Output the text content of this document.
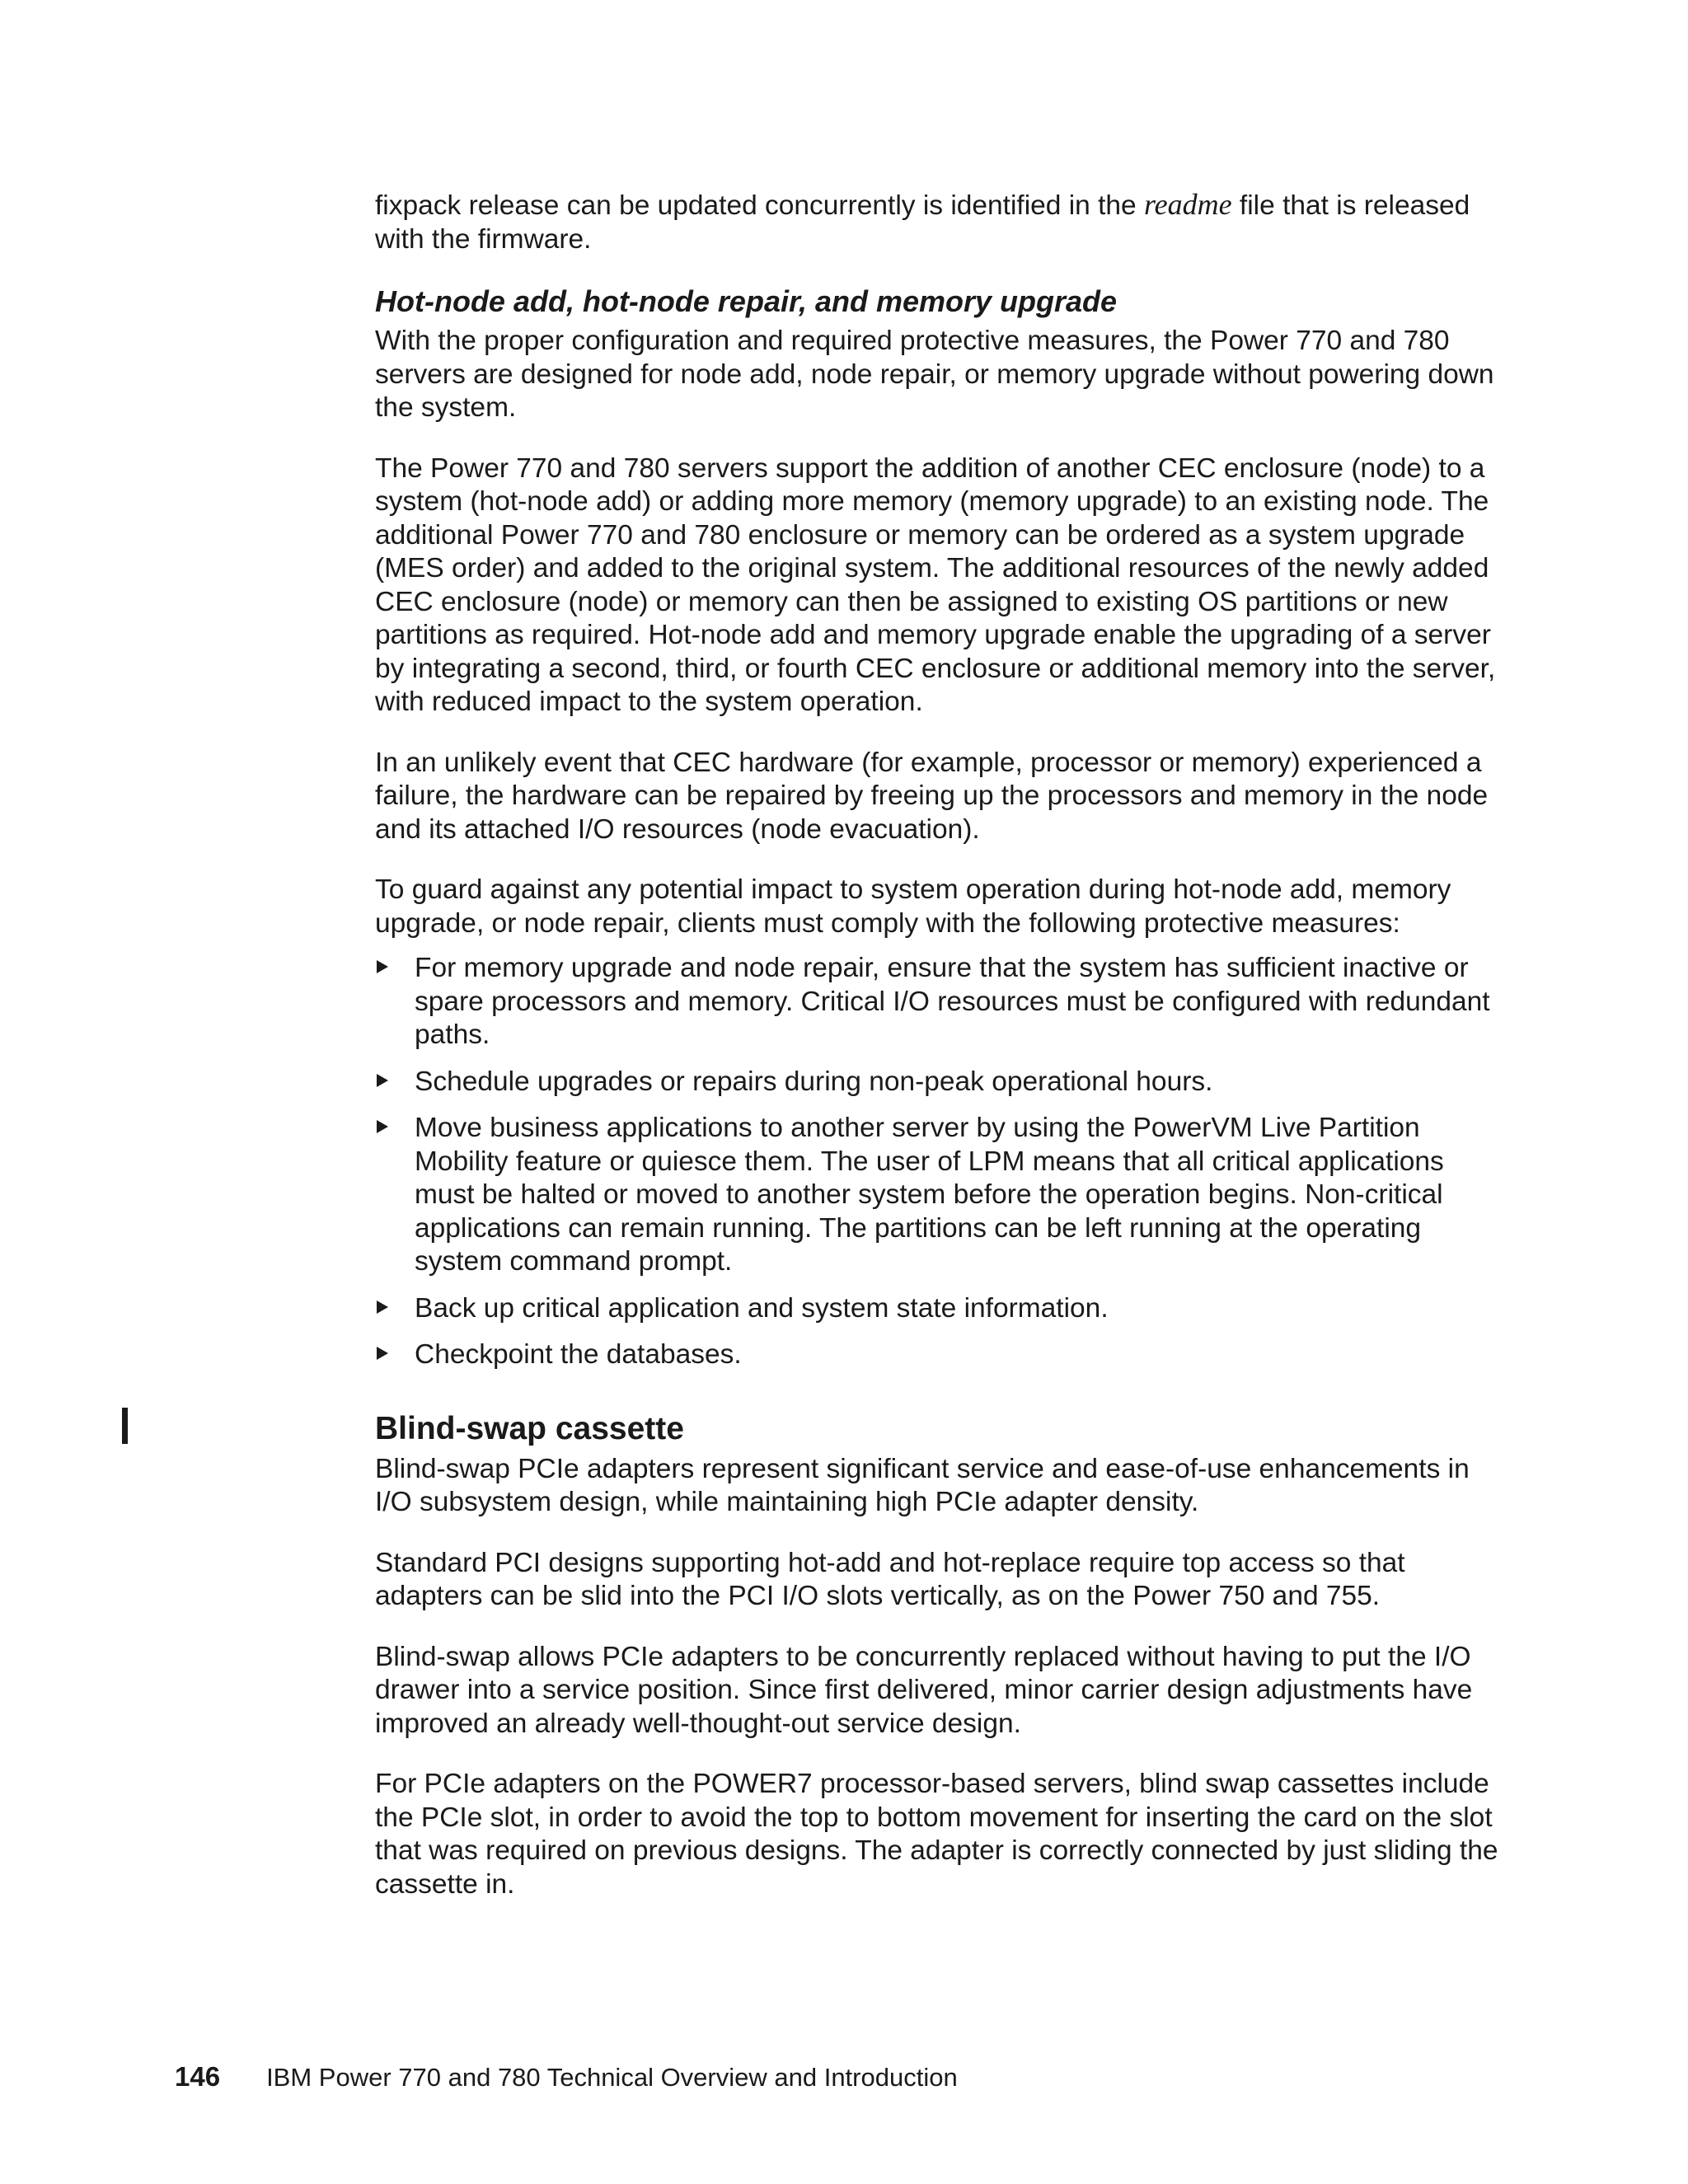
fixpack release can be updated concurrently is identified in the readme file that is released with the firmware.

Hot-node add, hot-node repair, and memory upgrade

With the proper configuration and required protective measures, the Power 770 and 780 servers are designed for node add, node repair, or memory upgrade without powering down the system.

The Power 770 and 780 servers support the addition of another CEC enclosure (node) to a system (hot-node add) or adding more memory (memory upgrade) to an existing node. The additional Power 770 and 780 enclosure or memory can be ordered as a system upgrade (MES order) and added to the original system. The additional resources of the newly added CEC enclosure (node) or memory can then be assigned to existing OS partitions or new partitions as required. Hot-node add and memory upgrade enable the upgrading of a server by integrating a second, third, or fourth CEC enclosure or additional memory into the server, with reduced impact to the system operation.

In an unlikely event that CEC hardware (for example, processor or memory) experienced a failure, the hardware can be repaired by freeing up the processors and memory in the node and its attached I/O resources (node evacuation).

To guard against any potential impact to system operation during hot-node add, memory upgrade, or node repair, clients must comply with the following protective measures:

For memory upgrade and node repair, ensure that the system has sufficient inactive or spare processors and memory. Critical I/O resources must be configured with redundant paths.
Schedule upgrades or repairs during non-peak operational hours.
Move business applications to another server by using the PowerVM Live Partition Mobility feature or quiesce them. The user of LPM means that all critical applications must be halted or moved to another system before the operation begins. Non-critical applications can remain running. The partitions can be left running at the operating system command prompt.
Back up critical application and system state information.
Checkpoint the databases.
Blind-swap cassette

Blind-swap PCIe adapters represent significant service and ease-of-use enhancements in I/O subsystem design, while maintaining high PCIe adapter density.

Standard PCI designs supporting hot-add and hot-replace require top access so that adapters can be slid into the PCI I/O slots vertically, as on the Power 750 and 755.

Blind-swap allows PCIe adapters to be concurrently replaced without having to put the I/O drawer into a service position. Since first delivered, minor carrier design adjustments have improved an already well-thought-out service design.

For PCIe adapters on the POWER7 processor-based servers, blind swap cassettes include the PCIe slot, in order to avoid the top to bottom movement for inserting the card on the slot that was required on previous designs. The adapter is correctly connected by just sliding the cassette in.

146 IBM Power 770 and 780 Technical Overview and Introduction
